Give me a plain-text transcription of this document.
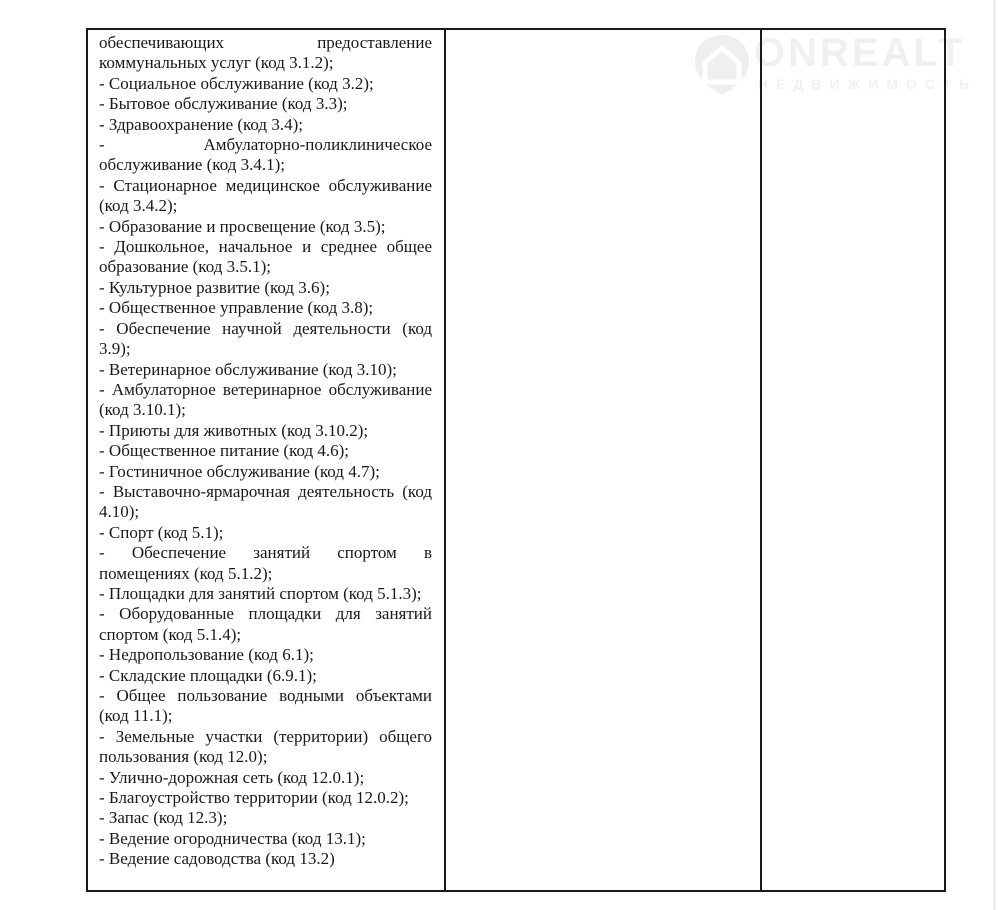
ONREALT
НЕДВИЖИМОСТЬ

обеспечивающих предоставление коммунальных услуг (код 3.1.2);

- Социальное обслуживание (код 3.2);

- Бытовое обслуживание (код 3.3);

- Здравоохранение (код 3.4);

- Амбулаторно-поликлиническое обслуживание (код 3.4.1);

- Стационарное медицинское обслуживание (код 3.4.2);

- Образование и просвещение (код 3.5);

- Дошкольное, начальное и среднее общее образование (код 3.5.1);

- Культурное развитие (код 3.6);

- Общественное управление (код 3.8);

- Обеспечение научной деятельности (код 3.9);

- Ветеринарное обслуживание (код 3.10);

- Амбулаторное ветеринарное обслуживание (код 3.10.1);

- Приюты для животных (код 3.10.2);

- Общественное питание (код 4.6);

- Гостиничное обслуживание (код 4.7);

- Выставочно-ярмарочная деятельность (код 4.10);

- Спорт (код 5.1);

- Обеспечение занятий спортом в помещениях (код 5.1.2);

- Площадки для занятий спортом (код 5.1.3);

- Оборудованные площадки для занятий спортом (код 5.1.4);

- Недропользование (код 6.1);

- Складские площадки (6.9.1);

- Общее пользование водными объектами (код 11.1);

- Земельные участки (территории) общего пользования (код 12.0);

- Улично-дорожная сеть (код 12.0.1);

- Благоустройство территории (код 12.0.2);

- Запас (код 12.3);

- Ведение огородничества (код 13.1);

- Ведение садоводства (код 13.2)
